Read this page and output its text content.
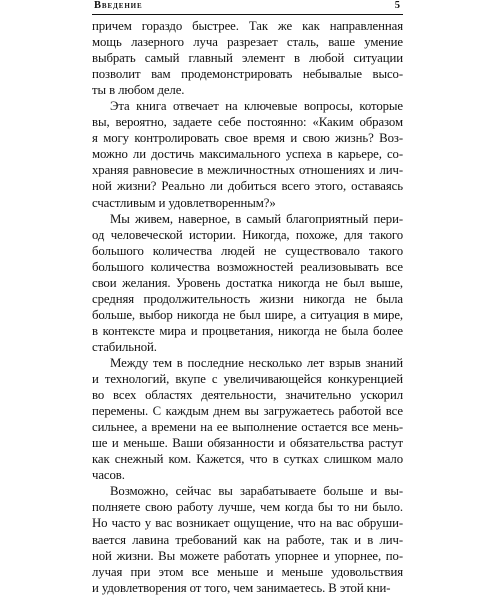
Введение	5
причем гораздо быстрее. Так же как направленная
мощь лазерного луча разрезает сталь, ваше умение
выбрать самый главный элемент в любой ситуации
позволит вам продемонстрировать небывалые высо-
ты в любом деле.
Эта книга отвечает на ключевые вопросы, которые
вы, вероятно, задаете себе постоянно: «Каким образом
я могу контролировать свое время и свою жизнь? Воз-
можно ли достичь максимального успеха в карьере, со-
храняя равновесие в межличностных отношениях и лич-
ной жизни? Реально ли добиться всего этого, оставаясь
счастливым и удовлетворенным?»
Мы живем, наверное, в самый благоприятный пери-
од человеческой истории. Никогда, похоже, для такого
большого количества людей не существовало такого
большого количества возможностей реализовывать все
свои желания. Уровень достатка никогда не был выше,
средняя продолжительность жизни никогда не была
больше, выбор никогда не был шире, а ситуация в мире,
в контексте мира и процветания, никогда не была более
стабильной.
Между тем в последние несколько лет взрыв знаний
и технологий, вкупе с увеличивающейся конкуренцией
во всех областях деятельности, значительно ускорил
перемены. С каждым днем вы загружаетесь работой все
сильнее, а времени на ее выполнение остается все мень-
ше и меньше. Ваши обязанности и обязательства растут
как снежный ком. Кажется, что в сутках слишком мало
часов.
Возможно, сейчас вы зарабатываете больше и вы-
полняете свою работу лучше, чем когда бы то ни было.
Но часто у вас возникает ощущение, что на вас обруши-
вается лавина требований как на работе, так и в лич-
ной жизни. Вы можете работать упорнее и упорнее, по-
лучая при этом все меньше и меньше удовольствия
и удовлетворения от того, чем занимаетесь. В этой кни-
